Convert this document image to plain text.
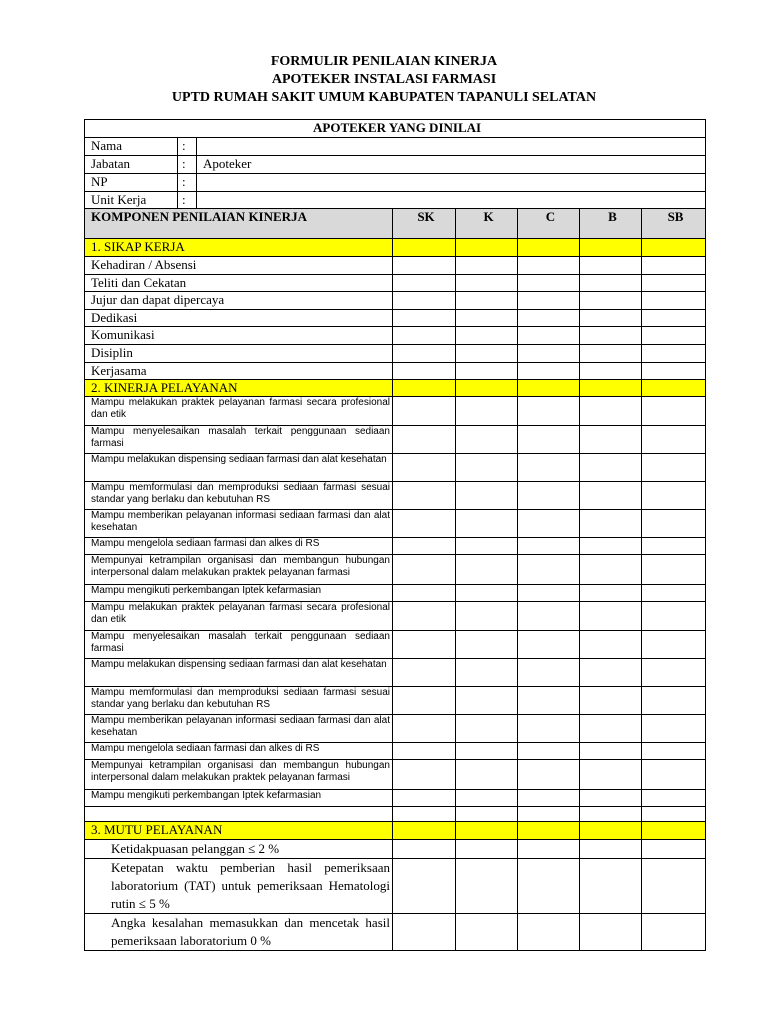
FORMULIR PENILAIAN KINERJA
APOTEKER INSTALASI FARMASI
UPTD RUMAH SAKIT UMUM KABUPATEN TAPANULI SELATAN
APOTEKER YANG DINILAI							
Nama	:						
Jabatan	:	Apoteker					
NP	:						
Unit Kerja	:						
KOMPONEN PENILAIAN KINERJA			SK	K	C	B	SB
1. SIKAP KERJA							
Kehadiran / Absensi							
Teliti dan Cekatan							
Jujur dan dapat dipercaya							
Dedikasi							
Komunikasi							
Disiplin							
Kerjasama							
2. KINERJA PELAYANAN							
Mampu melakukan praktek pelayanan farmasi secara profesional dan etik							
Mampu menyelesaikan masalah terkait penggunaan sediaan farmasi							
Mampu melakukan dispensing sediaan farmasi dan alat kesehatan							
Mampu memformulasi dan memproduksi sediaan farmasi sesuai standar yang berlaku dan kebutuhan RS							
Mampu memberikan pelayanan informasi sediaan farmasi dan alat kesehatan							
Mampu mengelola sediaan farmasi dan alkes di RS							
Mempunyai ketrampilan organisasi dan membangun hubungan interpersonal dalam melakukan praktek pelayanan farmasi							
Mampu mengikuti perkembangan Iptek kefarmasian							
Mampu melakukan praktek pelayanan farmasi secara profesional dan etik							
Mampu menyelesaikan masalah terkait penggunaan sediaan farmasi							
Mampu melakukan dispensing sediaan farmasi dan alat kesehatan							
Mampu memformulasi dan memproduksi sediaan farmasi sesuai standar yang berlaku dan kebutuhan RS							
Mampu memberikan pelayanan informasi sediaan farmasi dan alat kesehatan							
Mampu mengelola sediaan farmasi dan alkes di RS							
Mempunyai ketrampilan organisasi dan membangun hubungan interpersonal dalam melakukan praktek pelayanan farmasi							
Mampu mengikuti perkembangan Iptek kefarmasian							

3. MUTU PELAYANAN							
Ketidakpuasan pelanggan ≤ 2 %							
Ketepatan waktu pemberian hasil pemeriksaan laboratorium (TAT) untuk pemeriksaan Hematologi rutin ≤ 5 %							
Angka kesalahan memasukkan dan mencetak hasil pemeriksaan laboratorium 0 %							
